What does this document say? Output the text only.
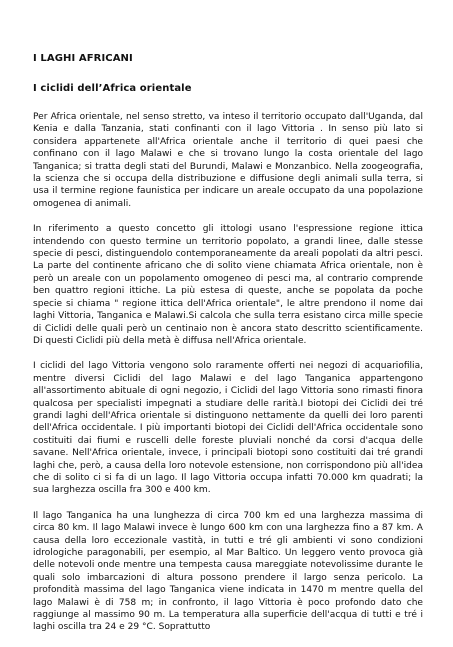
I LAGHI AFRICANI
I ciclidi dell’Africa orientale

Per Africa orientale, nel senso stretto, va inteso il territorio occupato dall'Uganda, dal Kenia e dalla Tanzania, stati confinanti con il lago Vittoria . In senso più lato si considera appartenete all'Africa orientale anche il territorio di quei paesi che confinano con il lago Malawi e che si trovano lungo la costa orientale del lago Tanganica; si tratta degli stati del Burundi, Malawi e Monzanbico. Nella zoogeografia, la scienza che si occupa della distribuzione e diffusione degli animali sulla terra, si usa il termine regione faunistica per indicare un areale occupato da una popolazione omogenea di animali.

In riferimento a questo concetto gli ittologi usano l'espressione regione ittica intendendo con questo termine un territorio popolato, a grandi linee, dalle stesse specie di pesci, distinguendolo contemporaneamente da areali popolati da altri pesci. La parte del continente africano che di solito viene chiamata Africa orientale, non è però un areale con un popolamento omogeneo di pesci ma, al contrario comprende ben quattro regioni ittiche. La più estesa di queste, anche se popolata da poche specie si chiama " regione ittica dell'Africa orientale", le altre prendono il nome dai laghi Vittoria, Tanganica e Malawi.Si calcola che sulla terra esistano circa mille specie di Ciclidi delle quali però un centinaio non è ancora stato descritto scientificamente. Di questi Ciclidi più della metà è diffusa nell'Africa orientale.

I ciclidi del lago Vittoria vengono solo raramente offerti nei negozi di acquariofilia, mentre diversi Ciclidi del lago Malawi e del lago Tanganica appartengono all'assortimento abituale di ogni negozio, i Ciclidi del lago Vittoria sono rimasti finora qualcosa per specialisti impegnati a studiare delle rarità.I biotopi dei Ciclidi dei tré grandi laghi dell'Africa orientale si distinguono nettamente da quelli dei loro parenti dell'Africa occidentale. I più importanti biotopi dei Ciclidi dell'Africa occidentale sono costituiti dai fiumi e ruscelli delle foreste pluviali nonché da corsi d'acqua delle savane. Nell'Africa orientale, invece, i principali biotopi sono costituiti dai tré grandi laghi che, però, a causa della loro notevole estensione, non corrispondono più all'idea che di solito ci si fa di un lago. Il lago Vittoria occupa infatti 70.000 km quadrati; la sua larghezza oscilla fra 300 e 400 km.

Il lago Tanganica ha una lunghezza di circa 700 km ed una larghezza massima di circa 80 km. Il lago Malawi invece è lungo 600 km con una larghezza fino a 87 km. A causa della loro eccezionale vastità, in tutti e tré gli ambienti vi sono condizioni idrologiche paragonabili, per esempio, al Mar Baltico. Un leggero vento provoca già delle notevoli onde mentre una tempesta causa mareggiate notevolissime durante le quali solo imbarcazioni di altura possono prendere il largo senza pericolo. La profondità massima del lago Tanganica viene indicata in 1470 m mentre quella del lago Malawi è di 758 m; in confronto, il lago Vittoria è poco profondo dato che raggiunge al massimo 90 m. La temperatura alla superficie dell'acqua di tutti e tré i laghi oscilla tra 24 e 29 °C. Soprattutto
